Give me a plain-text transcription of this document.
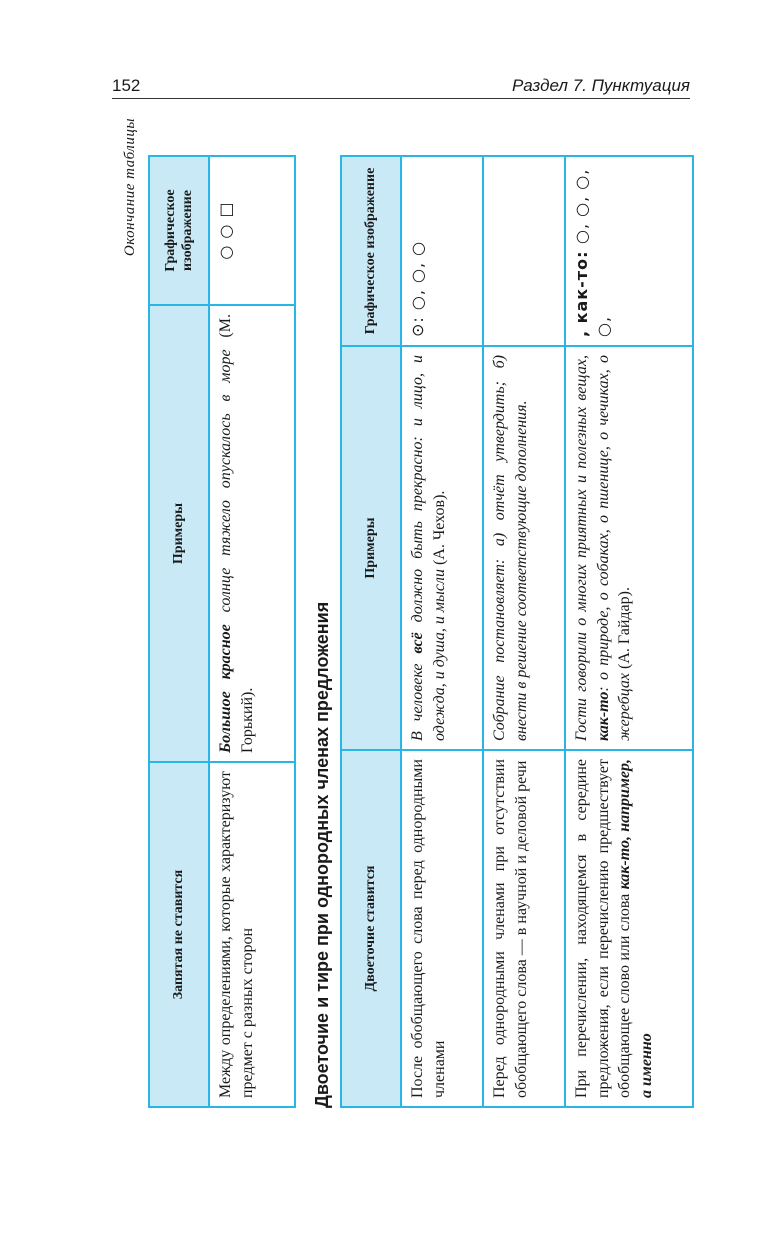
152	Раздел 7. Пунктуация
Окончание таблицы
Запятая не ставится	Примеры	Графическое изображение
Между определениями, которые характеризуют предмет с разных сторон	Большое красное солнце тяжело опускалось в море (М. Горький).	○ ○ □
Двоеточие и тире при однородных членах предложения Двоеточие ставится	Примеры	Графическое изображение
После обобщающего слова перед однородными членами	В человеке всё должно быть прекрасно: и лицо, и одежда, и душа, и мысли (А. Чехов).	⊙: ○, ○, ○
Перед однородными членами при отсутствии обобщающего слова — в научной и деловой речи	Собрание постановляет: а) отчёт утвердить; б) внести в решение соответствующие дополнения.	
При перечислении, находящемся в середине предложения, если перечислению предшествует обобщающее слово или слова как-то, например, а именно	Гости говорили о многих приятных и полезных вещах, как-то: о природе, о собаках, о пшенице, о чечиках, о жеребцах (А. Гайдар).	, как-то: ○, ○, ○, ○,
